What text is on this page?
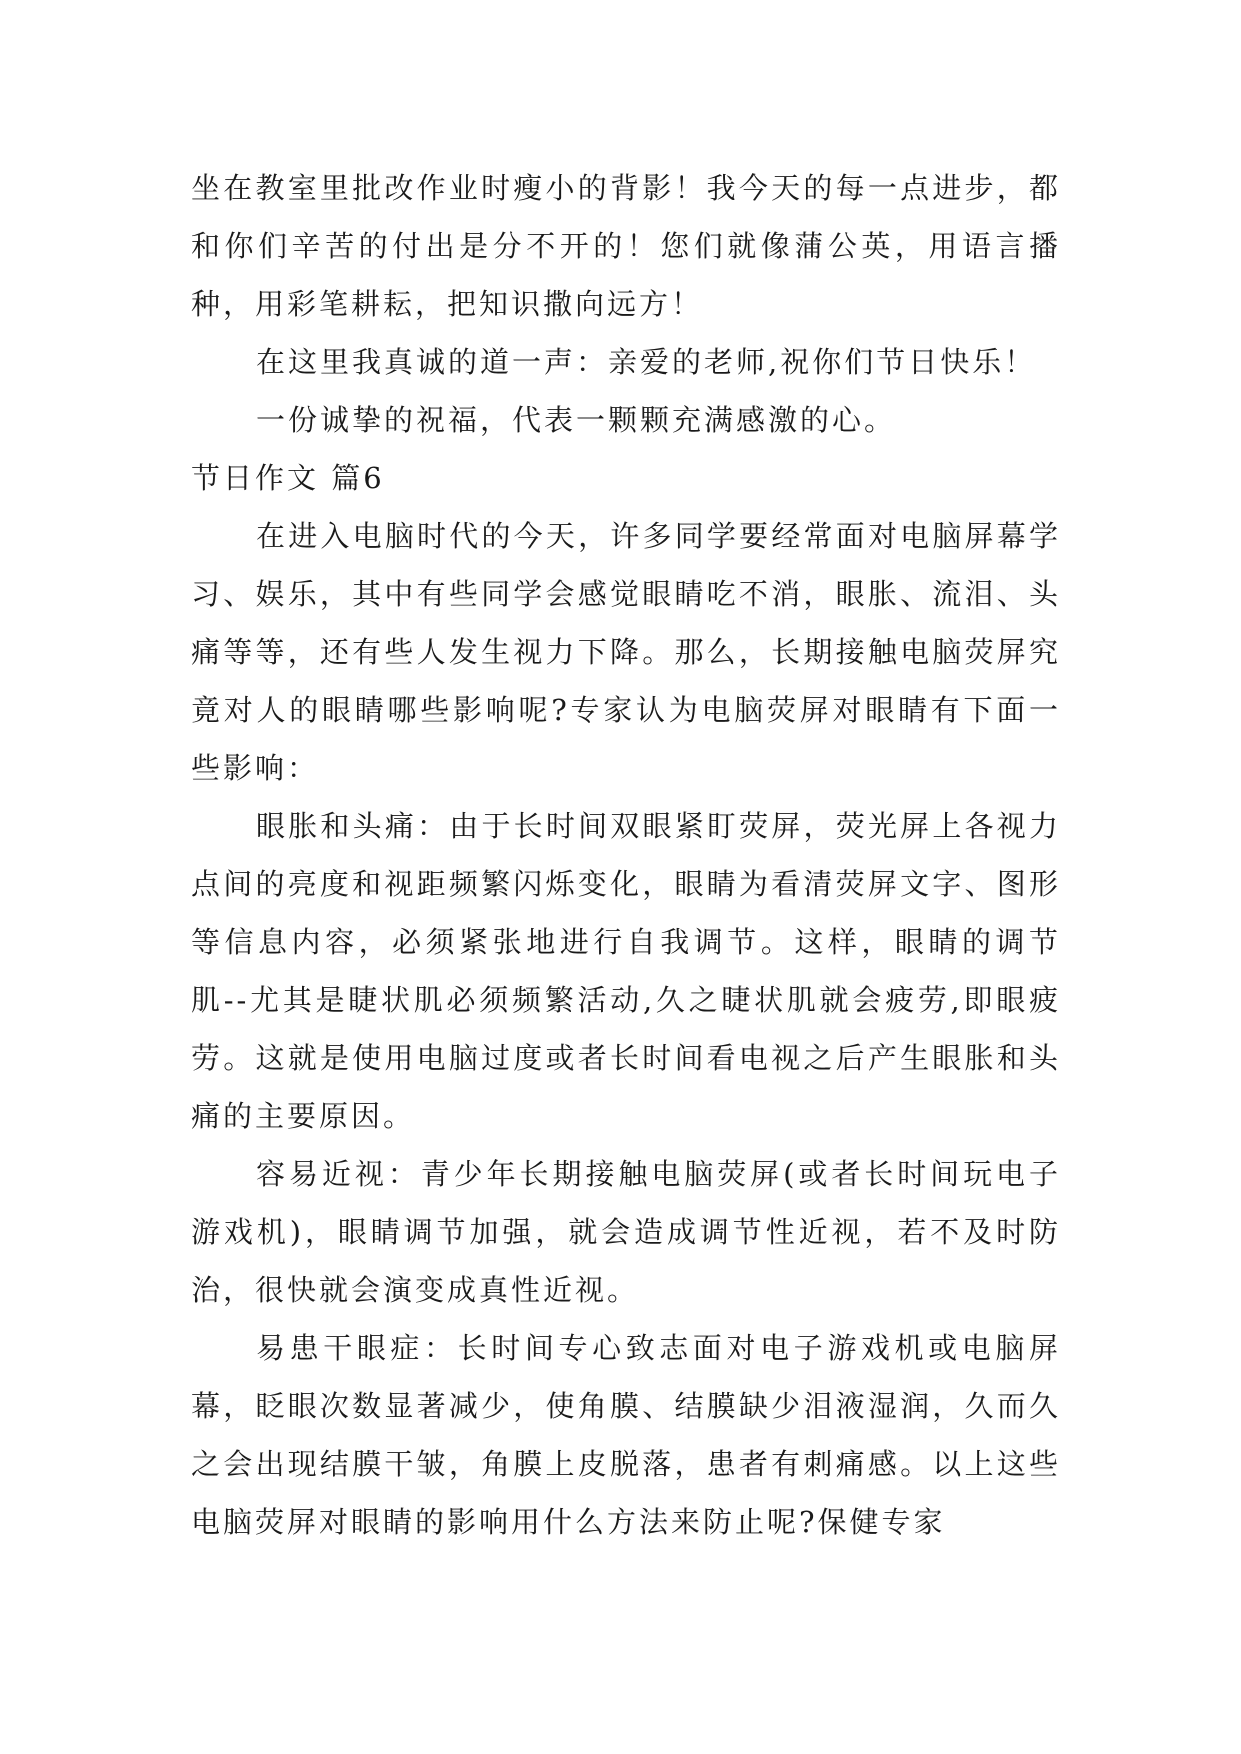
坐在教室里批改作业时瘦小的背影！我今天的每一点进步，都和你们辛苦的付出是分不开的！您们就像蒲公英，用语言播种，用彩笔耕耘，把知识撒向远方！

在这里我真诚的道一声：亲爱的老师,祝你们节日快乐！

一份诚挚的祝福，代表一颗颗充满感激的心。

节日作文 篇6

在进入电脑时代的今天，许多同学要经常面对电脑屏幕学习、娱乐，其中有些同学会感觉眼睛吃不消，眼胀、流泪、头痛等等，还有些人发生视力下降。那么，长期接触电脑荧屏究竟对人的眼睛哪些影响呢?专家认为电脑荧屏对眼睛有下面一些影响：

眼胀和头痛：由于长时间双眼紧盯荧屏，荧光屏上各视力点间的亮度和视距频繁闪烁变化，眼睛为看清荧屏文字、图形等信息内容，必须紧张地进行自我调节。这样，眼睛的调节肌--尤其是睫状肌必须频繁活动,久之睫状肌就会疲劳,即眼疲劳。这就是使用电脑过度或者长时间看电视之后产生眼胀和头痛的主要原因。

容易近视：青少年长期接触电脑荧屏(或者长时间玩电子游戏机)，眼睛调节加强，就会造成调节性近视，若不及时防治，很快就会演变成真性近视。

易患干眼症：长时间专心致志面对电子游戏机或电脑屏幕，眨眼次数显著减少，使角膜、结膜缺少泪液湿润，久而久之会出现结膜干皱，角膜上皮脱落，患者有刺痛感。以上这些电脑荧屏对眼睛的影响用什么方法来防止呢?保健专家
